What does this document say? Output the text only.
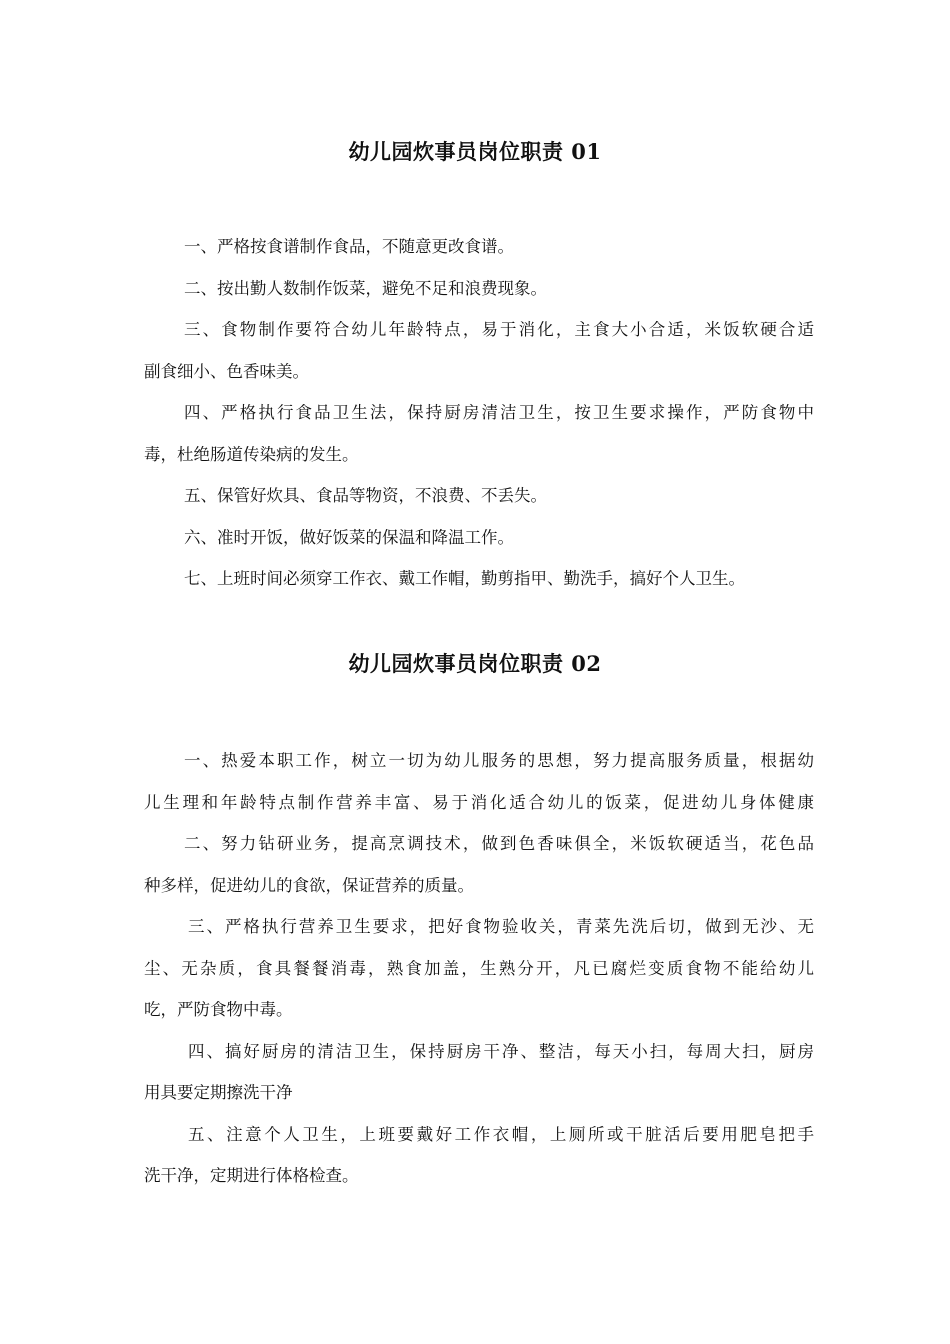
幼儿园炊事员岗位职责 01
一、严格按食谱制作食品，不随意更改食谱。
二、按出勤人数制作饭菜，避免不足和浪费现象。
三、食物制作要符合幼儿年龄特点，易于消化，主食大小合适，米饭软硬合适
副食细小、色香味美。
四、严格执行食品卫生法，保持厨房清洁卫生，按卫生要求操作，严防食物中
毒，杜绝肠道传染病的发生。
五、保管好炊具、食品等物资，不浪费、不丢失。
六、准时开饭，做好饭菜的保温和降温工作。
七、上班时间必须穿工作衣、戴工作帽，勤剪指甲、勤洗手，搞好个人卫生。
幼儿园炊事员岗位职责 02
一、热爱本职工作，树立一切为幼儿服务的思想，努力提高服务质量，根据幼
儿生理和年龄特点制作营养丰富、易于消化适合幼儿的饭菜，促进幼儿身体健康
二、努力钻研业务，提高烹调技术，做到色香味俱全，米饭软硬适当，花色品
种多样，促进幼儿的食欲，保证营养的质量。
三、严格执行营养卫生要求，把好食物验收关，青菜先洗后切，做到无沙、无
尘、无杂质，食具餐餐消毒，熟食加盖，生熟分开，凡已腐烂变质食物不能给幼儿
吃，严防食物中毒。
四、搞好厨房的清洁卫生，保持厨房干净、整洁，每天小扫，每周大扫，厨房
用具要定期擦洗干净
五、注意个人卫生，上班要戴好工作衣帽，上厕所或干脏活后要用肥皂把手
洗干净，定期进行体格检查。
